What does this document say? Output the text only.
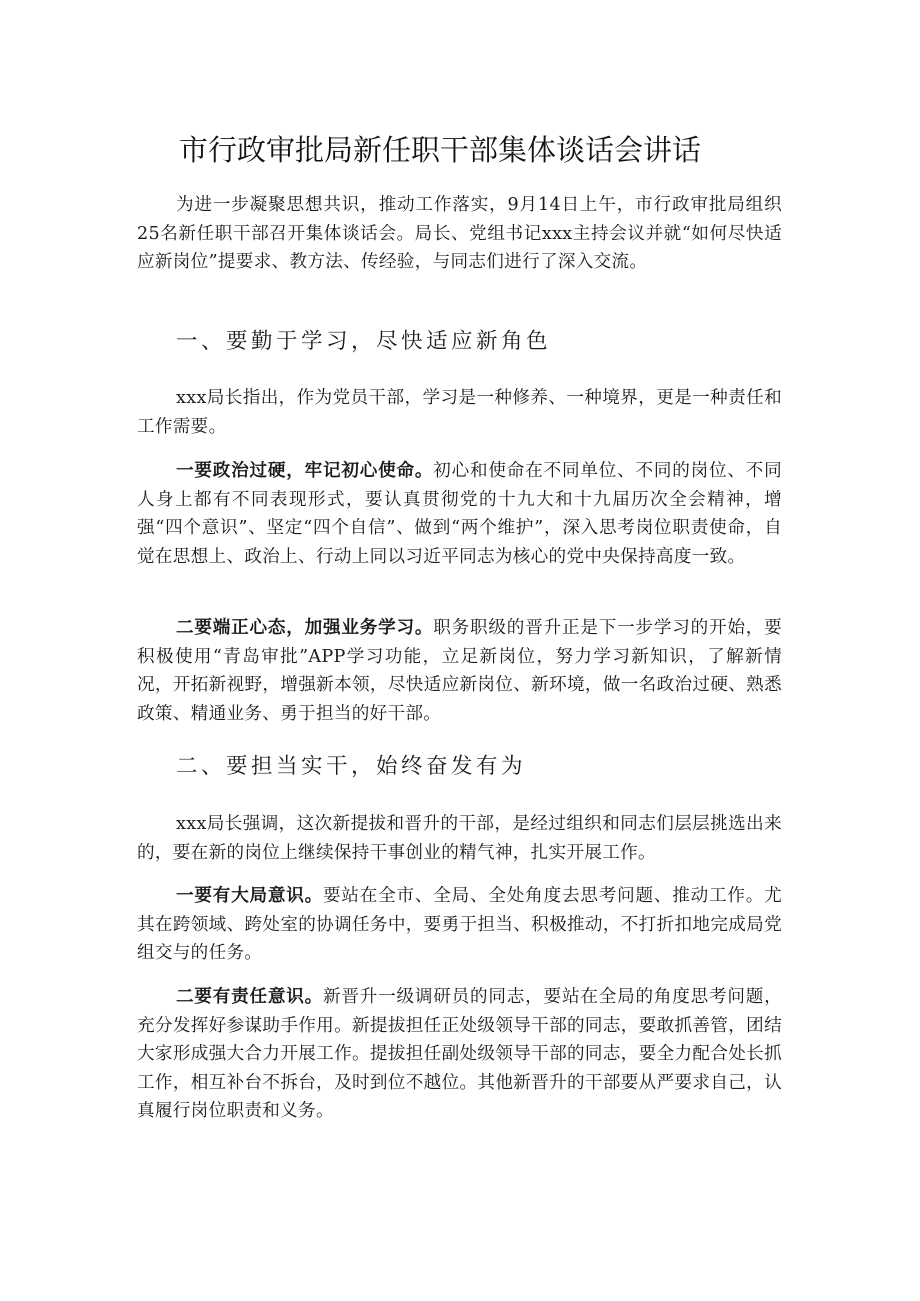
市行政审批局新任职干部集体谈话会讲话

为进一步凝聚思想共识，推动工作落实，9月14日上午，市行政审批局组织25名新任职干部召开集体谈话会。局长、党组书记xxx主持会议并就“如何尽快适应新岗位”提要求、教方法、传经验，与同志们进行了深入交流。

一、要勤于学习，尽快适应新角色

xxx局长指出，作为党员干部，学习是一种修养、一种境界，更是一种责任和工作需要。

一要政治过硬，牢记初心使命。初心和使命在不同单位、不同的岗位、不同人身上都有不同表现形式，要认真贯彻党的十九大和十九届历次全会精神，增强“四个意识”、坚定“四个自信”、做到“两个维护”，深入思考岗位职责使命，自觉在思想上、政治上、行动上同以习近平同志为核心的党中央保持高度一致。

二要端正心态，加强业务学习。职务职级的晋升正是下一步学习的开始，要积极使用“青岛审批”APP学习功能，立足新岗位，努力学习新知识，了解新情况，开拓新视野，增强新本领，尽快适应新岗位、新环境，做一名政治过硬、熟悉政策、精通业务、勇于担当的好干部。

二、要担当实干，始终奋发有为

xxx局长强调，这次新提拔和晋升的干部，是经过组织和同志们层层挑选出来的，要在新的岗位上继续保持干事创业的精气神，扎实开展工作。

一要有大局意识。要站在全市、全局、全处角度去思考问题、推动工作。尤其在跨领域、跨处室的协调任务中，要勇于担当、积极推动，不打折扣地完成局党组交与的任务。

二要有责任意识。新晋升一级调研员的同志，要站在全局的角度思考问题，充分发挥好参谋助手作用。新提拔担任正处级领导干部的同志，要敢抓善管，团结大家形成强大合力开展工作。提拔担任副处级领导干部的同志，要全力配合处长抓工作，相互补台不拆台，及时到位不越位。其他新晋升的干部要从严要求自己，认真履行岗位职责和义务。
